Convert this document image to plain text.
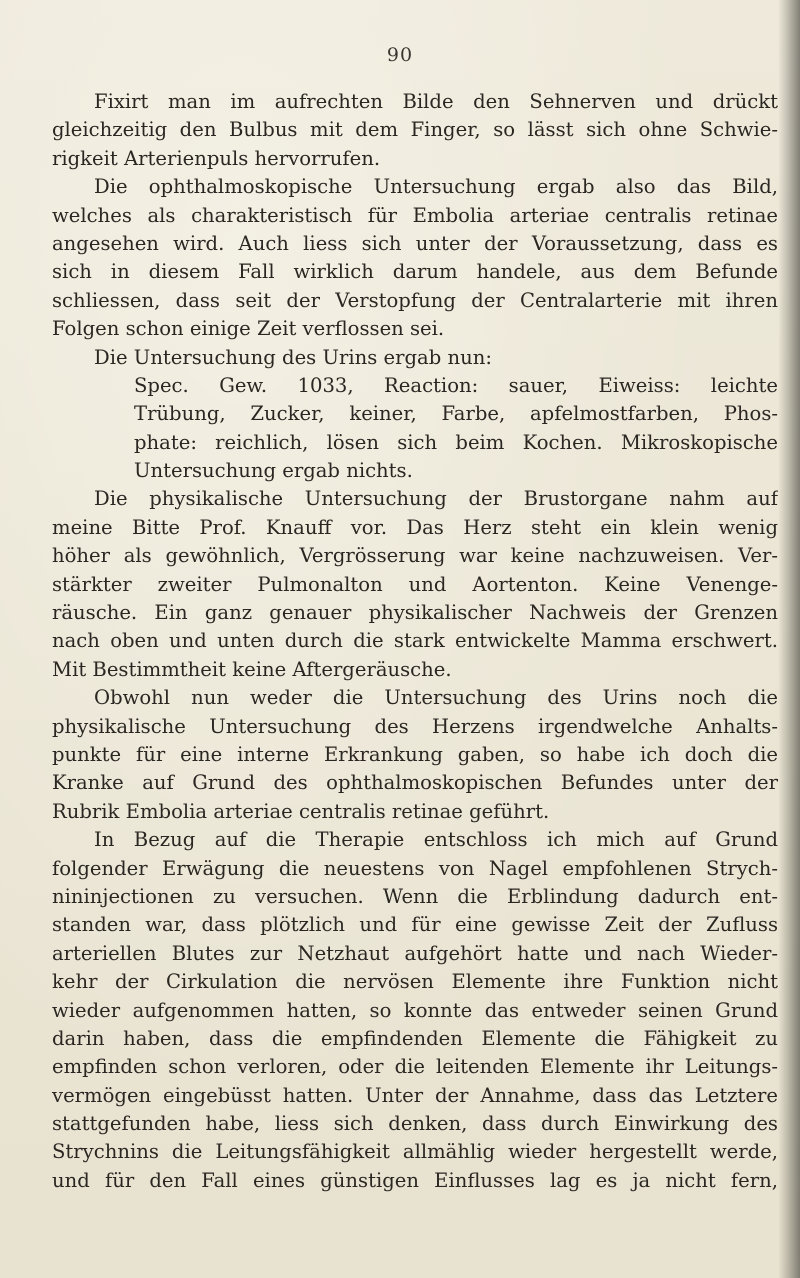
90
Fixirt man im aufrechten Bilde den Sehnerven und drückt
gleichzeitig den Bulbus mit dem Finger, so lässt sich ohne Schwie-
rigkeit Arterienpuls hervorrufen.
Die ophthalmoskopische Untersuchung ergab also das Bild,
welches als charakteristisch für Embolia arteriae centralis retinae
angesehen wird. Auch liess sich unter der Voraussetzung, dass es
sich in diesem Fall wirklich darum handele, aus dem Befunde
schliessen, dass seit der Verstopfung der Centralarterie mit ihren
Folgen schon einige Zeit verflossen sei.
Die Untersuchung des Urins ergab nun:
Spec. Gew. 1033, Reaction: sauer, Eiweiss: leichte
Trübung, Zucker, keiner, Farbe, apfelmostfarben, Phos-
phate: reichlich, lösen sich beim Kochen. Mikroskopische
Untersuchung ergab nichts.
Die physikalische Untersuchung der Brustorgane nahm auf
meine Bitte Prof. Knauff vor. Das Herz steht ein klein wenig
höher als gewöhnlich, Vergrösserung war keine nachzuweisen. Ver-
stärkter zweiter Pulmonalton und Aortenton. Keine Venenge-
räusche. Ein ganz genauer physikalischer Nachweis der Grenzen
nach oben und unten durch die stark entwickelte Mamma erschwert.
Mit Bestimmtheit keine Aftergeräusche.
Obwohl nun weder die Untersuchung des Urins noch die
physikalische Untersuchung des Herzens irgendwelche Anhalts-
punkte für eine interne Erkrankung gaben, so habe ich doch die
Kranke auf Grund des ophthalmoskopischen Befundes unter der
Rubrik Embolia arteriae centralis retinae geführt.
In Bezug auf die Therapie entschloss ich mich auf Grund
folgender Erwägung die neuestens von Nagel empfohlenen Strych-
nininjectionen zu versuchen. Wenn die Erblindung dadurch ent-
standen war, dass plötzlich und für eine gewisse Zeit der Zufluss
arteriellen Blutes zur Netzhaut aufgehört hatte und nach Wieder-
kehr der Cirkulation die nervösen Elemente ihre Funktion nicht
wieder aufgenommen hatten, so konnte das entweder seinen Grund
darin haben, dass die empfindenden Elemente die Fähigkeit zu
empfinden schon verloren, oder die leitenden Elemente ihr Leitungs-
vermögen eingebüsst hatten. Unter der Annahme, dass das Letztere
stattgefunden habe, liess sich denken, dass durch Einwirkung des
Strychnins die Leitungsfähigkeit allmählig wieder hergestellt werde,
und für den Fall eines günstigen Einflusses lag es ja nicht fern,
